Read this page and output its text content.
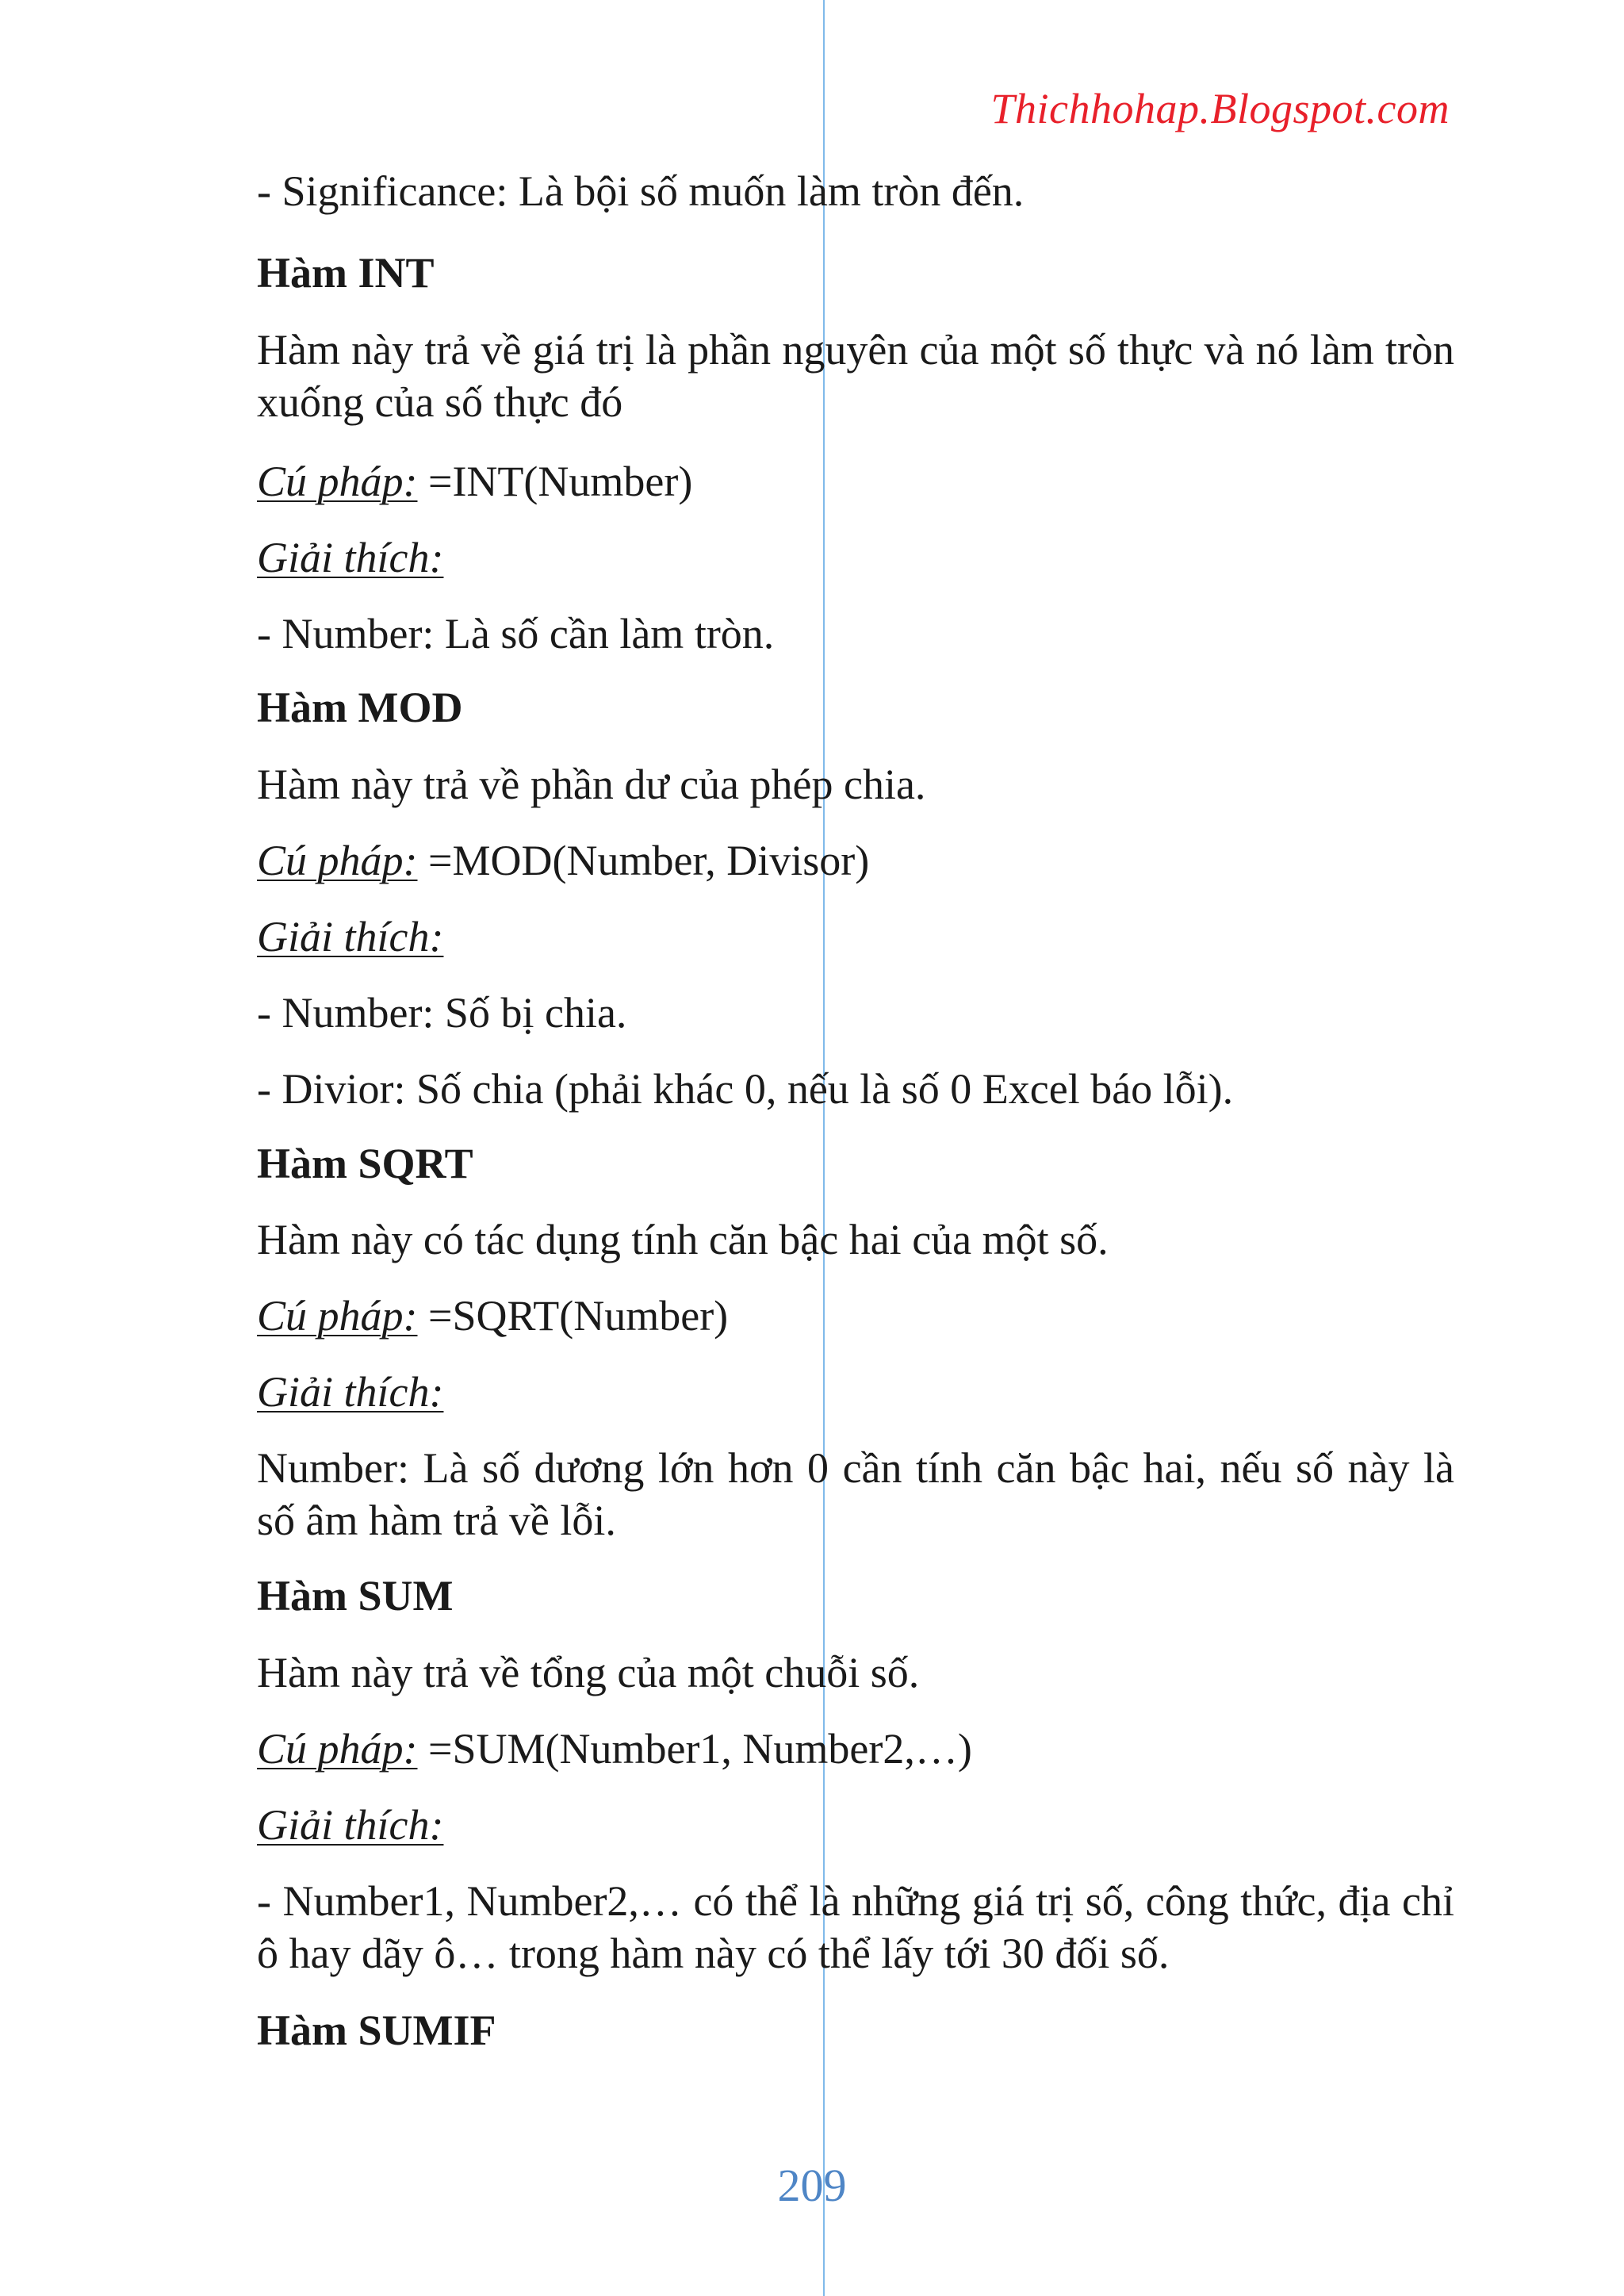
Thichhohap.Blogspot.com
- Significance: Là bội số muốn làm tròn đến.
Hàm INT
Hàm này trả về giá trị là phần nguyên của một số thực và nó làm tròn xuống của số thực đó
Cú pháp: =INT(Number)
Giải thích:
- Number: Là số cần làm tròn.
Hàm MOD
Hàm này trả về phần dư của phép chia.
Cú pháp: =MOD(Number, Divisor)
Giải thích:
- Number: Số bị chia.
- Divior: Số chia (phải khác 0, nếu là số 0 Excel báo lỗi).
Hàm SQRT
Hàm này có tác dụng tính căn bậc hai của một số.
Cú pháp: =SQRT(Number)
Giải thích:
Number: Là số dương lớn hơn 0 cần tính căn bậc hai, nếu số này là số âm hàm trả về lỗi.
Hàm SUM
Hàm này trả về tổng của một chuỗi số.
Cú pháp: =SUM(Number1, Number2,…)
Giải thích:
- Number1, Number2,… có thể là những giá trị số, công thức, địa chỉ ô hay dãy ô… trong hàm này có thể lấy tới 30 đối số.
Hàm SUMIF
209
